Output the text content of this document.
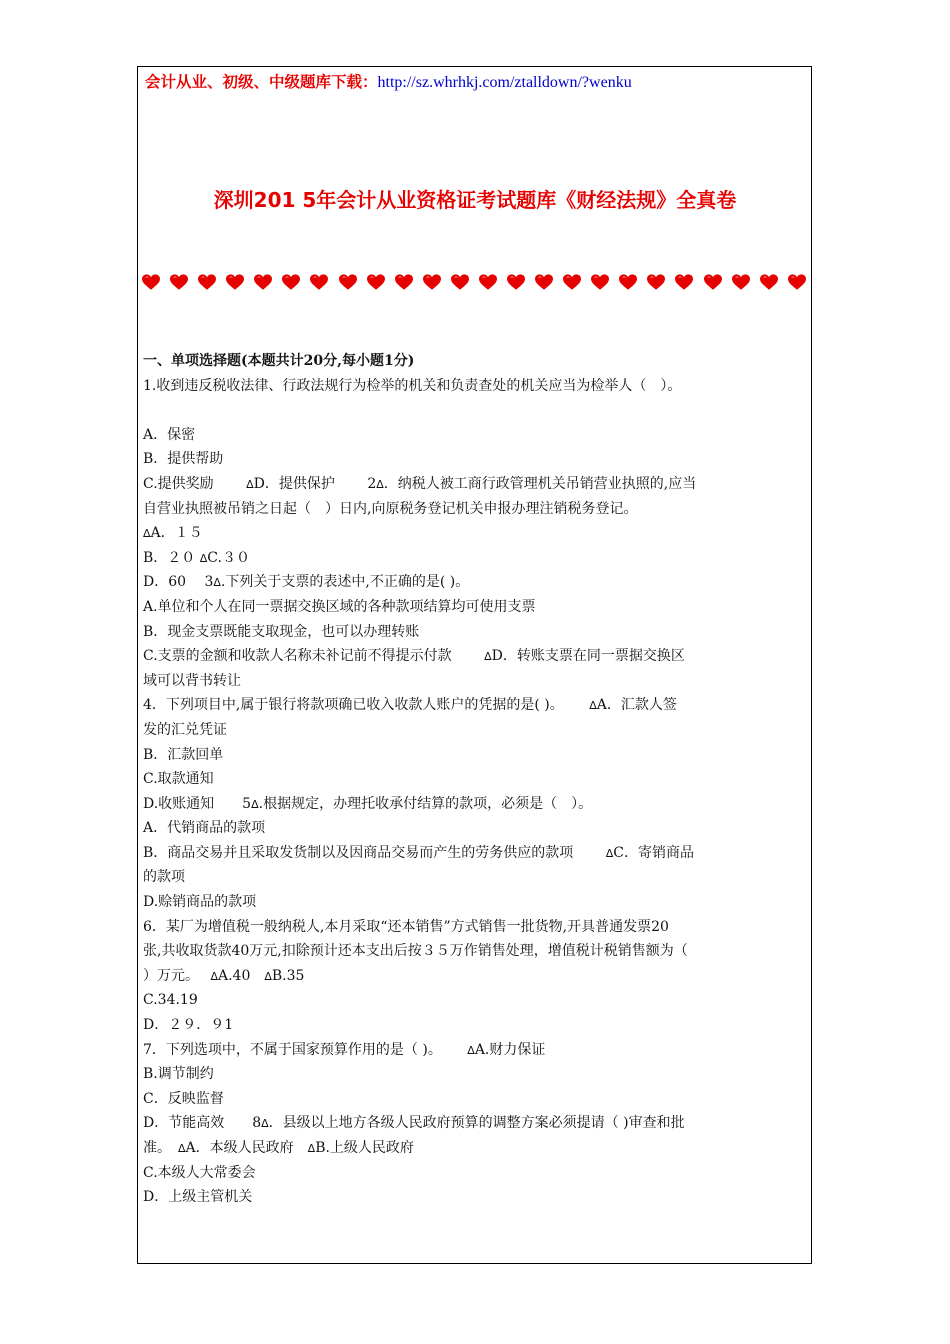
会计从业、初级、中级题库下载：http://sz.whrhkj.com/ztalldown/?wenku
深圳201 5年会计从业资格证考试题库《财经法规》全真卷
一、单项选择题(本题共计20分,每小题1分)
1.收到违反税收法律、行政法规行为检举的机关和负责查处的机关应当为检举人（　）。
A．保密
B．提供帮助
C.提供奖励　　 ᐃD．提供保护　　 2ᐃ．纳税人被工商行政管理机关吊销营业执照的,应当
自营业执照被吊销之日起（　）日内,向原税务登记机关申报办理注销税务登记。
ᐃA．１５
B．２０ ᐃC.３０
D．60　 3ᐃ.下列关于支票的表述中,不正确的是( )。
A.单位和个人在同一票据交换区域的各种款项结算均可使用支票
B．现金支票既能支取现金，也可以办理转账
C.支票的金额和收款人名称未补记前不得提示付款　　 ᐃD．转账支票在同一票据交换区
域可以背书转让
4．下列项目中,属于银行将款项确已收入收款人账户的凭据的是( )。　　 ᐃA．汇款人签
发的汇兑凭证
B．汇款回单
C.取款通知
D.收账通知　　5ᐃ.根据规定，办理托收承付结算的款项，必须是（　）。
A．代销商品的款项
B．商品交易并且采取发货制以及因商品交易而产生的劳务供应的款项　　 ᐃC．寄销商品
的款项
D.赊销商品的款项
6．某厂为增值税一般纳税人,本月采取“还本销售”方式销售一批货物,开具普通发票20
张,共收取货款40万元,扣除预计还本支出后按３５万作销售处理，增值税计税销售额为（
）万元。　 ᐃA.40　ᐃB.35
C.34.19
D．２９．９1
7．下列选项中，不属于国家预算作用的是（ )。　　 ᐃA.财力保证
B.调节制约
C．反映监督
D．节能高效　　8ᐃ．县级以上地方各级人民政府预算的调整方案必须提请（ )审查和批
准。　ᐃA．本级人民政府　ᐃB.上级人民政府
C.本级人大常委会
D．上级主管机关
